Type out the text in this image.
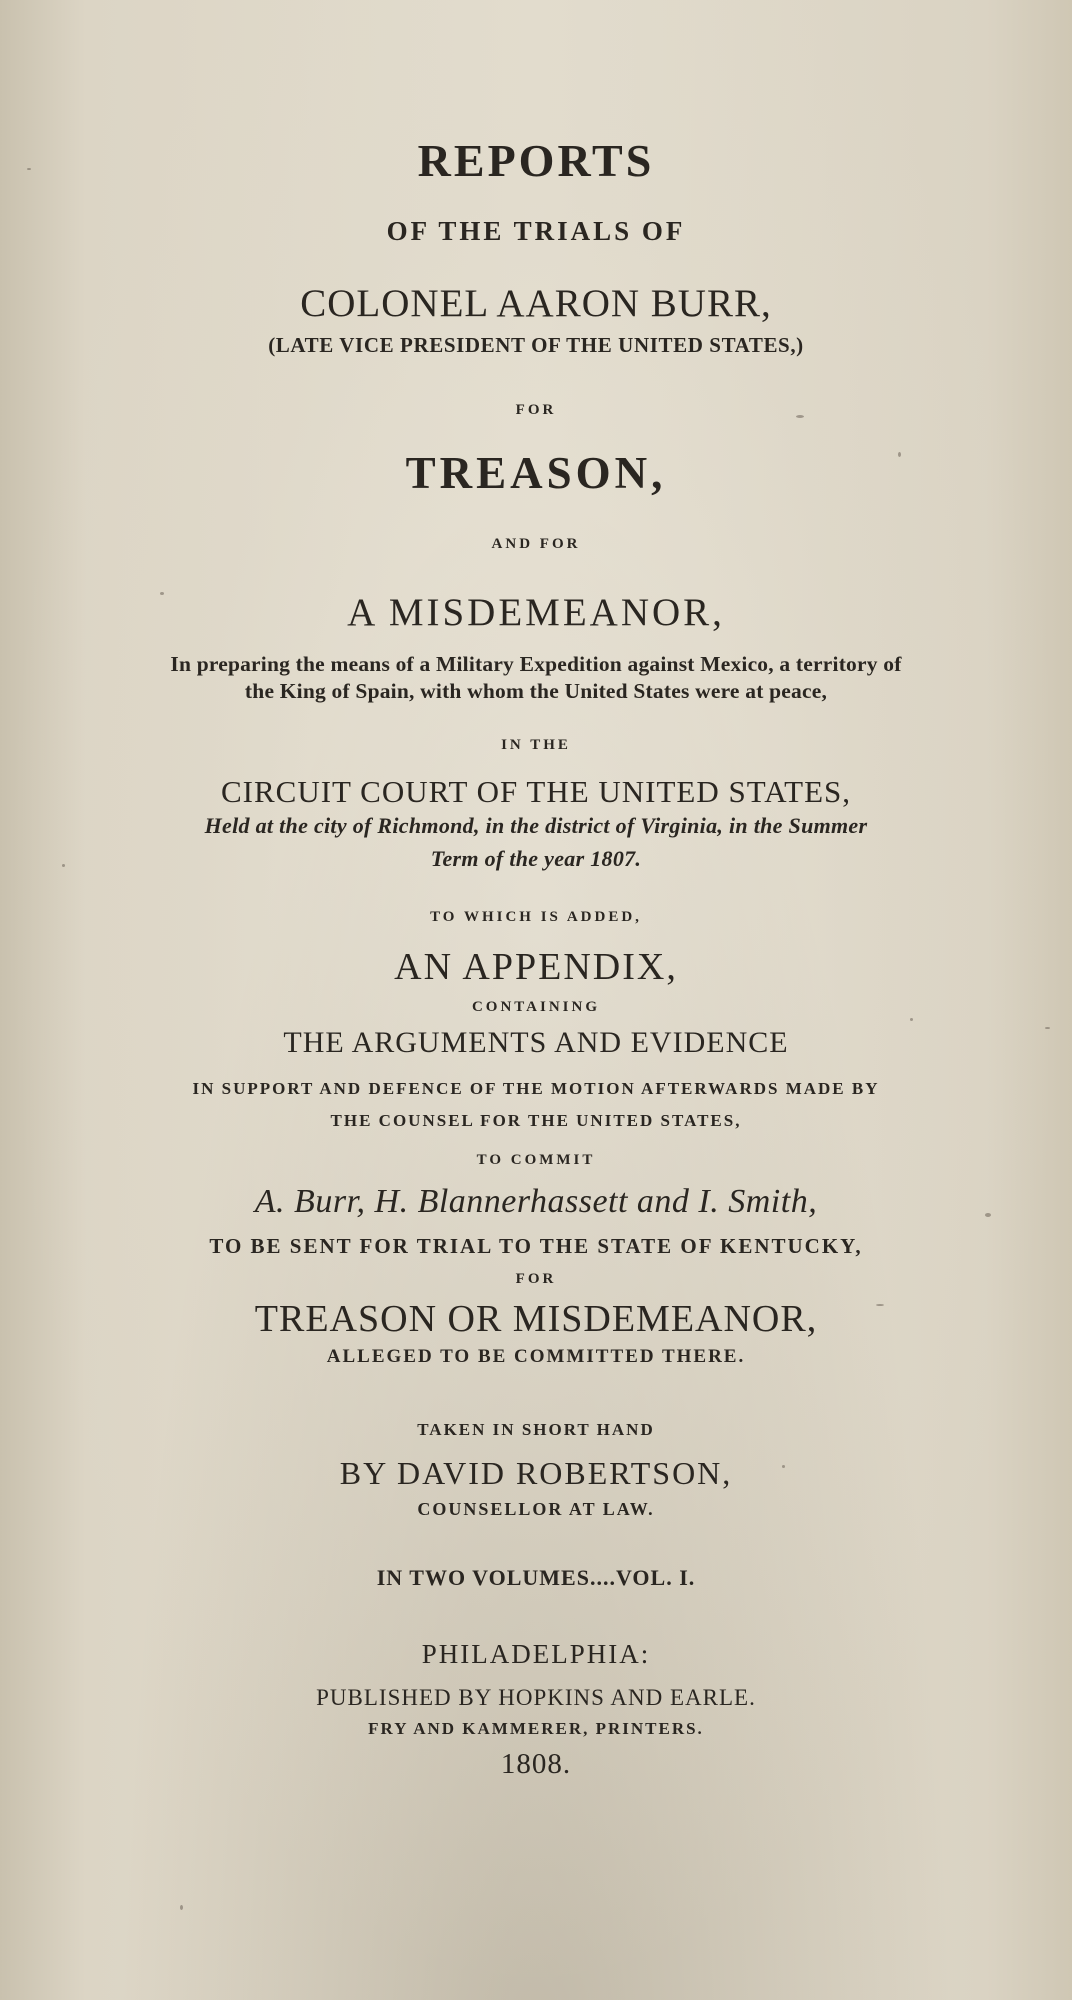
REPORTS
OF THE TRIALS OF
COLONEL AARON BURR,
(LATE VICE PRESIDENT OF THE UNITED STATES,)
FOR
TREASON,
AND FOR
A MISDEMEANOR,
In preparing the means of a Military Expedition against Mexico, a territory of
the King of Spain, with whom the United States were at peace,
IN THE
CIRCUIT COURT OF THE UNITED STATES,
Held at the city of Richmond, in the district of Virginia, in the Summer
Term of the year 1807.
TO WHICH IS ADDED,
AN APPENDIX,
CONTAINING
THE ARGUMENTS AND EVIDENCE
IN SUPPORT AND DEFENCE OF THE MOTION AFTERWARDS MADE BY
THE COUNSEL FOR THE UNITED STATES,
TO COMMIT
A. Burr, H. Blannerhassett and I. Smith,
TO BE SENT FOR TRIAL TO THE STATE OF KENTUCKY,
FOR
TREASON OR MISDEMEANOR,
ALLEGED TO BE COMMITTED THERE.
TAKEN IN SHORT HAND
BY DAVID ROBERTSON,
COUNSELLOR AT LAW.
IN TWO VOLUMES....VOL. I.
PHILADELPHIA:
PUBLISHED BY HOPKINS AND EARLE.
FRY AND KAMMERER, PRINTERS.
1808.
